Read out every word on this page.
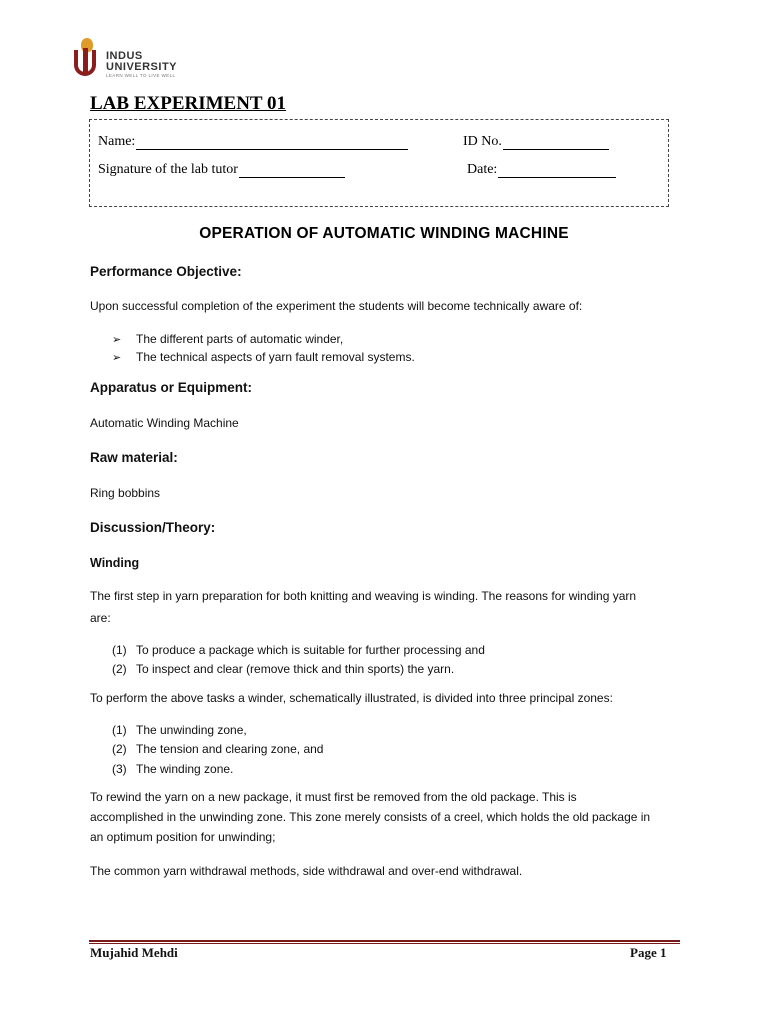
INDUS
UNIVERSITY
LEARN WELL TO LIVE WELL
LAB EXPERIMENT 01
Name:	ID No.
Signature of the lab tutor	Date:
OPERATION OF AUTOMATIC WINDING MACHINE
Performance Objective:
Upon successful completion of the experiment the students will become technically aware of:
➢	The different parts of automatic winder,
➢	The technical aspects of yarn fault removal systems.
Apparatus or Equipment:
Automatic Winding Machine
Raw material:
Ring bobbins
Discussion/Theory:
Winding
The first step in yarn preparation for both knitting and weaving is winding. The reasons for winding yarn
are:
(1) To produce a package which is suitable for further processing and
(2) To inspect and clear (remove thick and thin sports) the yarn.
To perform the above tasks a winder, schematically illustrated, is divided into three principal zones:
(1) The unwinding zone,
(2) The tension and clearing zone, and
(3) The winding zone.
To rewind the yarn on a new package, it must first be removed from the old package. This is
accomplished in the unwinding zone. This zone merely consists of a creel, which holds the old package in
an optimum position for unwinding;
The common yarn withdrawal methods, side withdrawal and over-end withdrawal.
Mujahid Mehdi	Page 1
